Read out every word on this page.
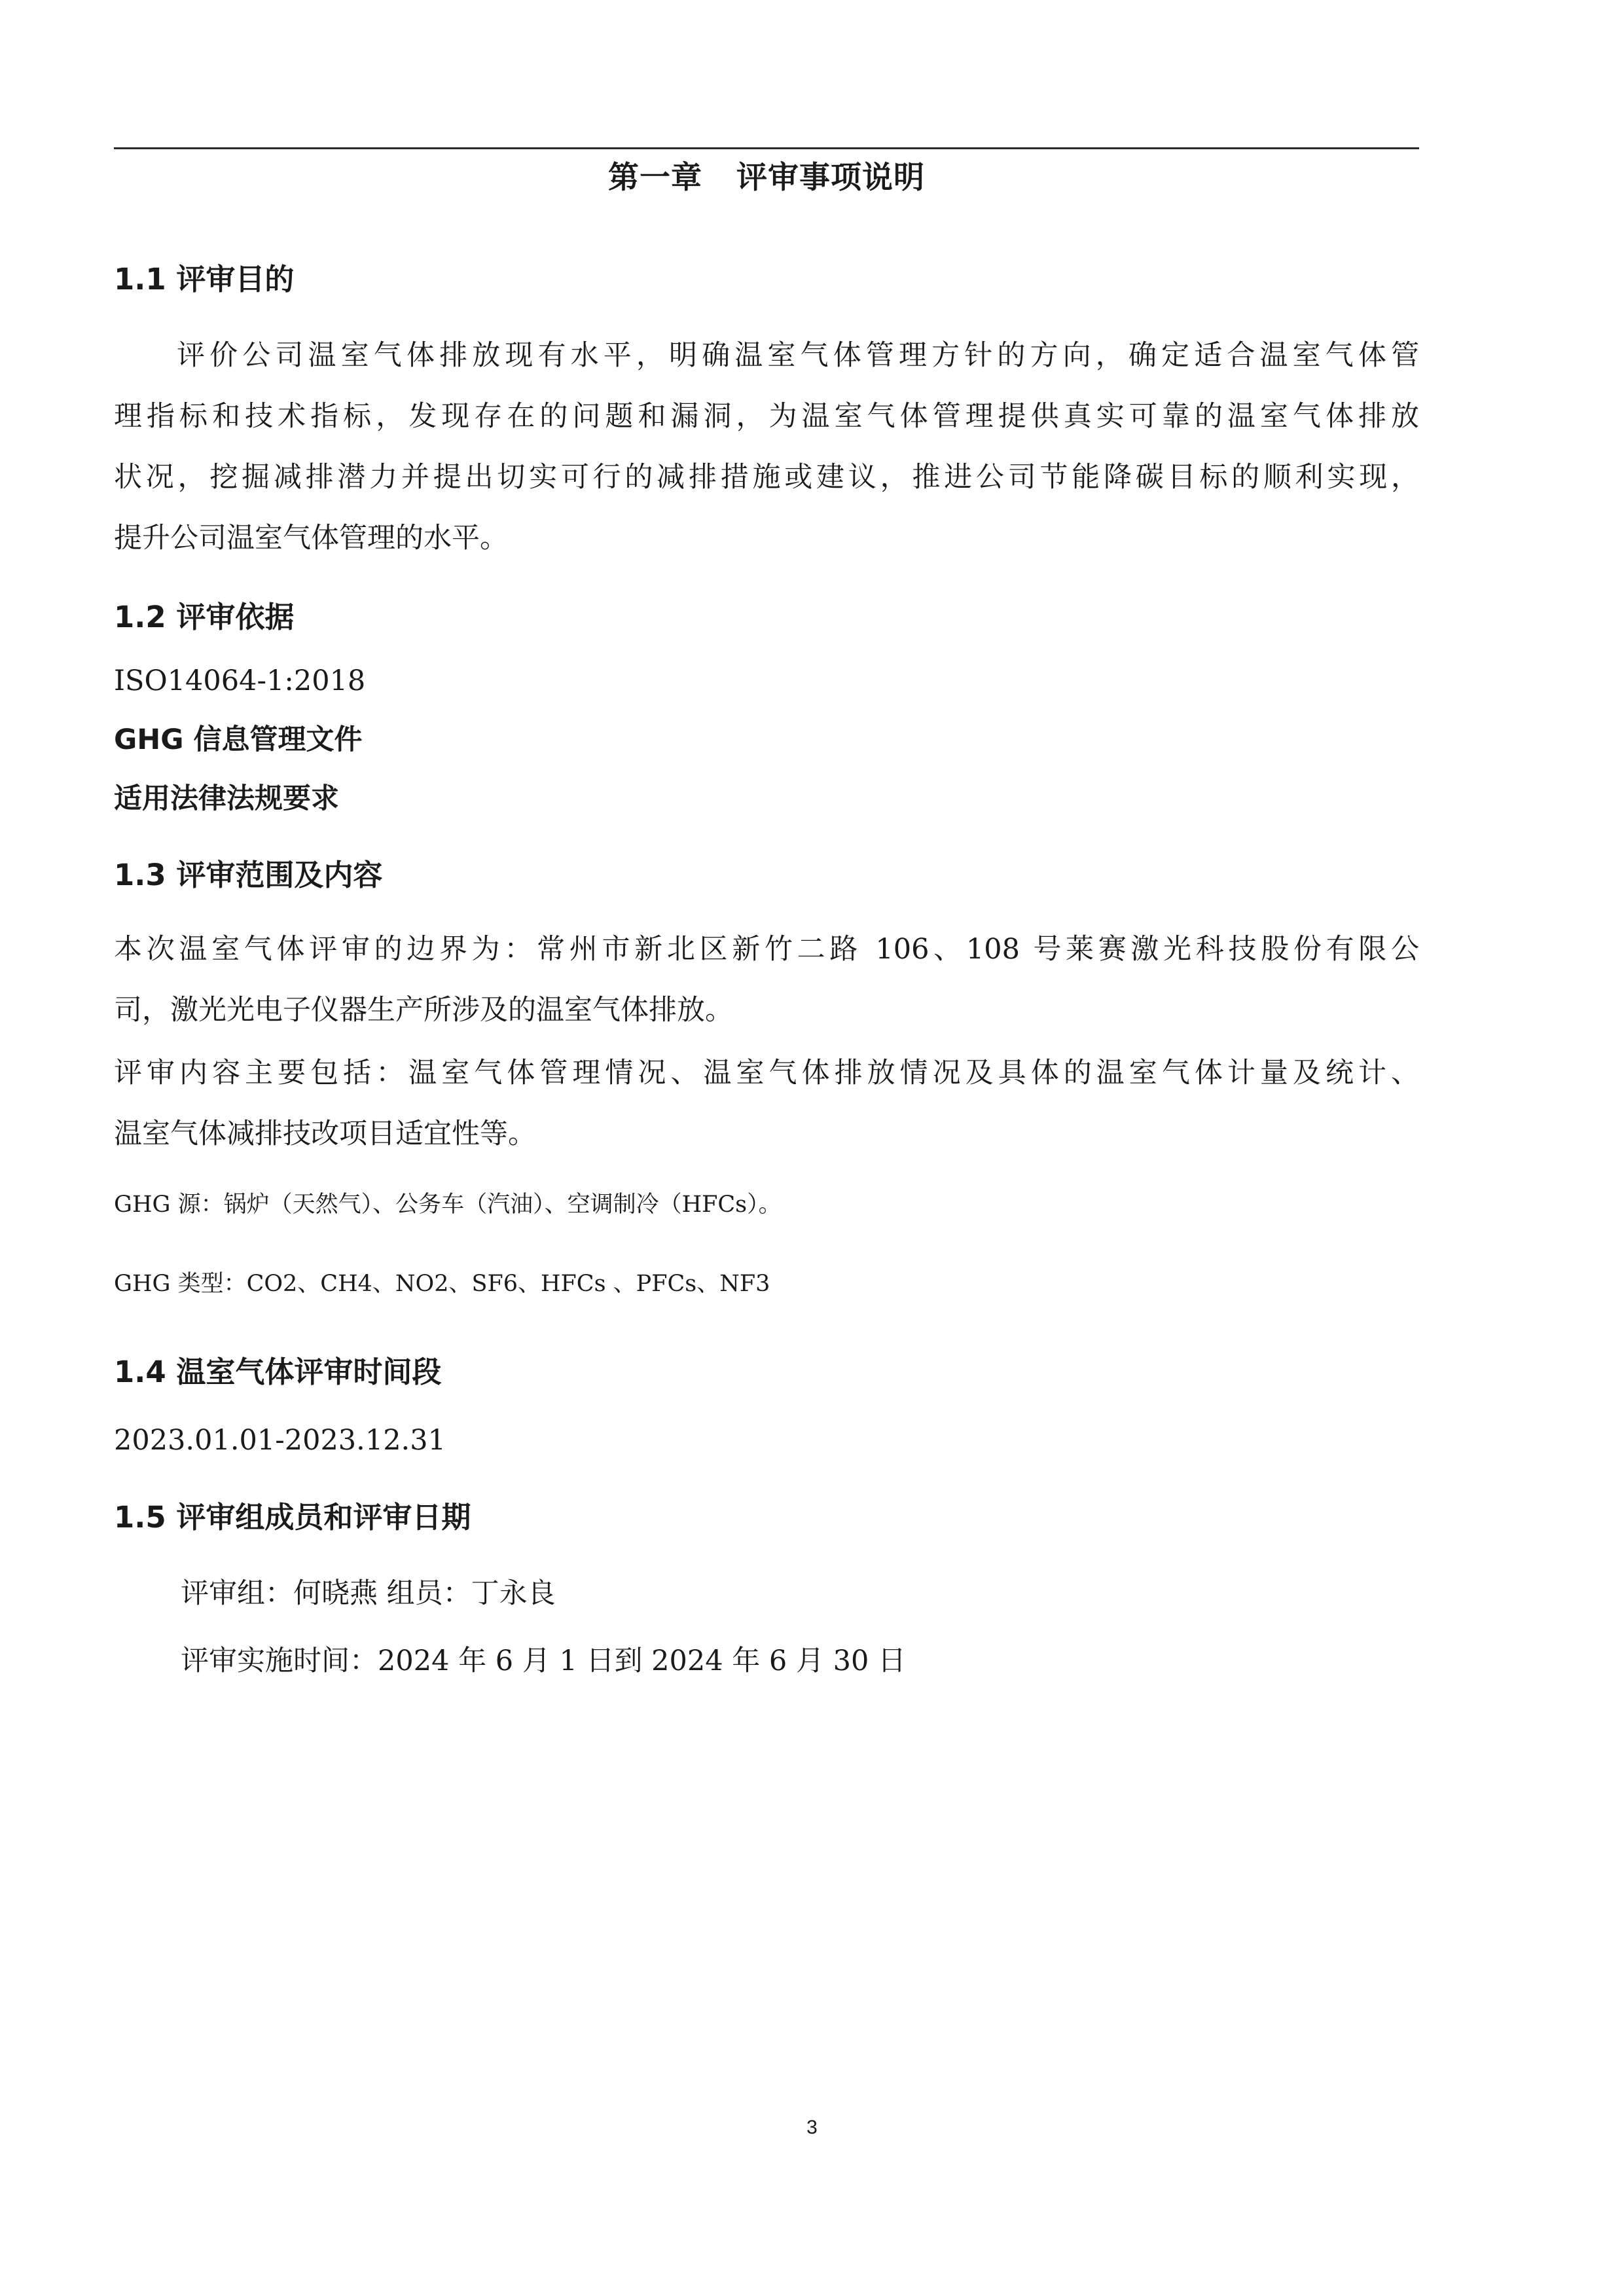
第一章   评审事项说明
1.1 评审目的
评价公司温室气体排放现有水平，明确温室气体管理方针的方向，确定适合温室气体管
理指标和技术指标，发现存在的问题和漏洞，为温室气体管理提供真实可靠的温室气体排放
状况，挖掘减排潜力并提出切实可行的减排措施或建议，推进公司节能降碳目标的顺利实现，
提升公司温室气体管理的水平。
1.2 评审依据
ISO14064-1:2018
GHG 信息管理文件
适用法律法规要求
1.3 评审范围及内容
本次温室气体评审的边界为：常州市新北区新竹二路 106、108 号莱赛激光科技股份有限公
司，激光光电子仪器生产所涉及的温室气体排放。
评审内容主要包括：温室气体管理情况、温室气体排放情况及具体的温室气体计量及统计、
温室气体减排技改项目适宜性等。
GHG 源：锅炉（天然气）、公务车（汽油）、空调制冷（HFCs）。
GHG 类型：CO2、CH4、NO2、SF6、HFCs 、PFCs、NF3
1.4 温室气体评审时间段
2023.01.01-2023.12.31
1.5 评审组成员和评审日期
评审组：何晓燕 组员：丁永良
评审实施时间：2024 年 6 月 1 日到 2024 年 6 月 30 日
3
